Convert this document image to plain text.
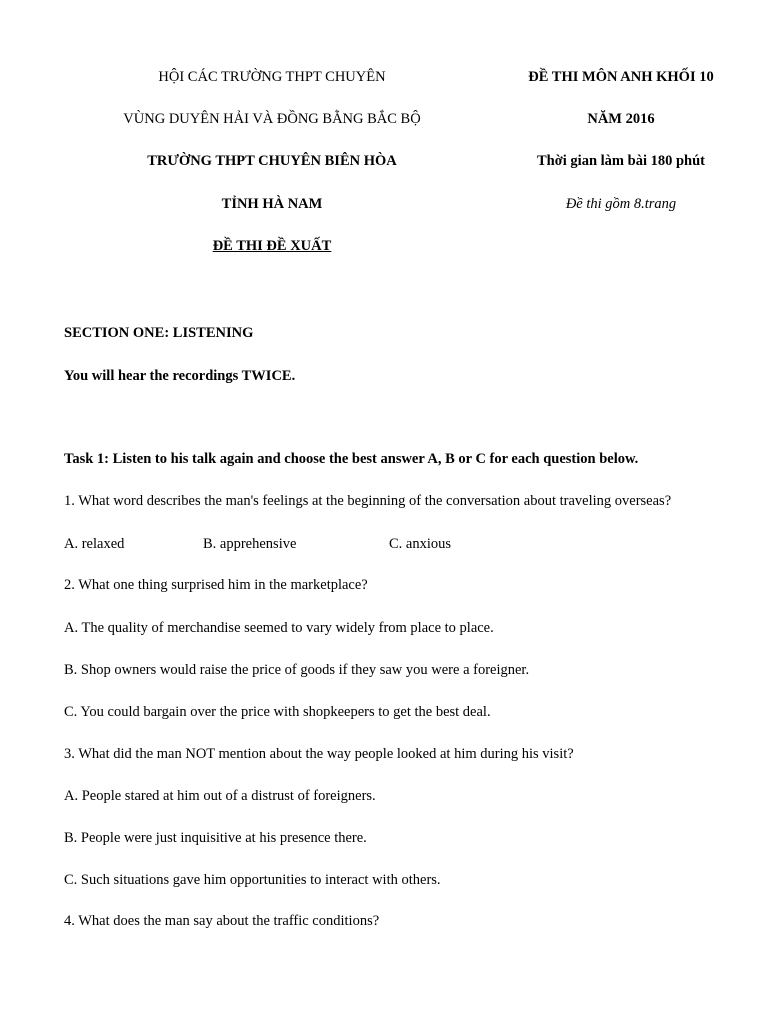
HỘI CÁC TRƯỜNG THPT CHUYÊN
VÙNG DUYÊN HẢI VÀ ĐỒNG BẰNG BẮC BỘ
TRƯỜNG THPT CHUYÊN BIÊN HÒA
TỈNH HÀ NAM
ĐỀ THI ĐỀ XUẤT
ĐỀ THI MÔN ANH KHỐI 10
NĂM 2016
Thời gian làm bài 180 phút
Đề thi gồm 8.trang
SECTION ONE: LISTENING
You will hear the recordings TWICE.
Task 1: Listen to his talk again and choose the best answer A, B or C for each question below.
1. What word describes the man's feelings at the beginning of the conversation about traveling overseas?
A. relaxed	B. apprehensive	C. anxious
2. What one thing surprised him in the marketplace?
A. The quality of merchandise seemed to vary widely from place to place.
B. Shop owners would raise the price of goods if they saw you were a foreigner.
C. You could bargain over the price with shopkeepers to get the best deal.
3. What did the man NOT mention about the way people looked at him during his visit?
A. People stared at him out of a distrust of foreigners.
B. People were just inquisitive at his presence there.
C. Such situations gave him opportunities to interact with others.
4. What does the man say about the traffic conditions?
